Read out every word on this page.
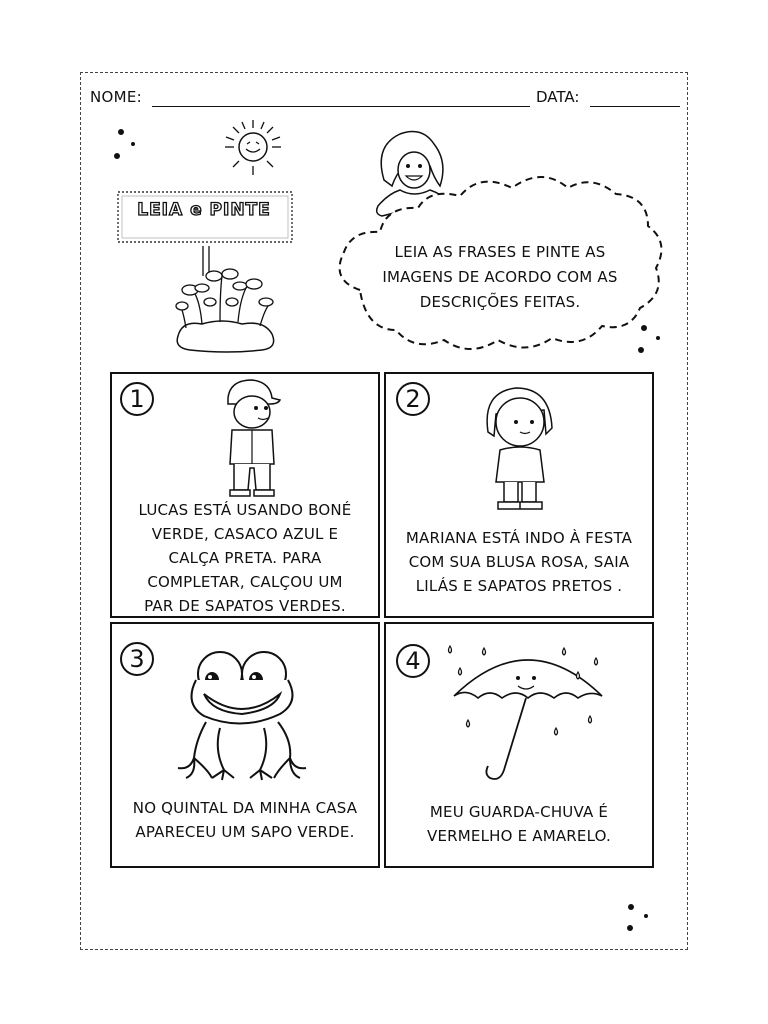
NOME:	DATA:
LEIA e PINTE
LEIA AS FRASES E PINTE AS
IMAGENS DE ACORDO COM AS
DESCRIÇÕES FEITAS.
1
LUCAS ESTÁ USANDO BONÉ
VERDE, CASACO AZUL E
CALÇA PRETA. PARA
COMPLETAR, CALÇOU UM
PAR DE SAPATOS VERDES.
2
MARIANA ESTÁ INDO À FESTA
COM SUA BLUSA ROSA, SAIA
LILÁS E SAPATOS PRETOS .
3
NO QUINTAL DA MINHA CASA
APARECEU UM SAPO VERDE.
4
MEU GUARDA-CHUVA É
VERMELHO E AMARELO.
